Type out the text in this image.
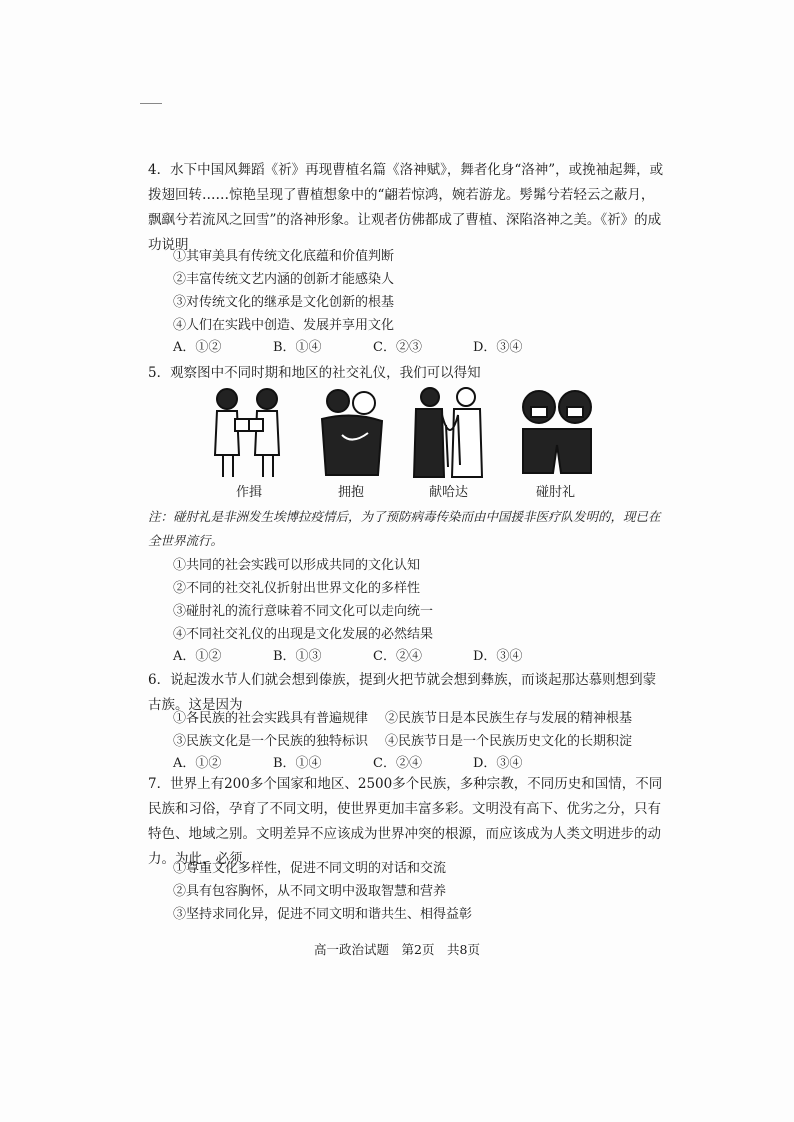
4．水下中国风舞蹈《祈》再现曹植名篇《洛神赋》，舞者化身“洛神”，或挽袖起舞，或拨翅回转……惊艳呈现了曹植想象中的“翩若惊鸿，婉若游龙。髣髴兮若轻云之蔽月，飘飖兮若流风之回雪”的洛神形象。让观者仿佛都成了曹植、深陷洛神之美。《祈》的成功说明

①其审美具有传统文化底蕴和价值判断
②丰富传统文艺内涵的创新才能感染人
③对传统文化的继承是文化创新的根基
④人们在实践中创造、发展并享用文化
A．①②	B．①④	C．②③	D．③④

5．观察图中不同时期和地区的社交礼仪，我们可以得知

作揖	拥抱	献哈达	碰肘礼
注：碰肘礼是非洲发生埃博拉疫情后，为了预防病毒传染而由中国援非医疗队发明的，现已在全世界流行。
①共同的社会实践可以形成共同的文化认知
②不同的社交礼仪折射出世界文化的多样性
③碰肘礼的流行意味着不同文化可以走向统一
④不同社交礼仪的出现是文化发展的必然结果
A．①②	B．①③	C．②④	D．③④

6．说起泼水节人们就会想到傣族，提到火把节就会想到彝族，而谈起那达慕则想到蒙古族。这是因为

①各民族的社会实践具有普遍规律 ②民族节日是本民族生存与发展的精神根基
③民族文化是一个民族的独特标识 ④民族节日是一个民族历史文化的长期积淀
A．①②	B．①④	C．②④	D．③④

7．世界上有200多个国家和地区、2500多个民族，多种宗教，不同历史和国情，不同民族和习俗，孕育了不同文明，使世界更加丰富多彩。文明没有高下、优劣之分，只有特色、地域之别。文明差异不应该成为世界冲突的根源，而应该成为人类文明进步的动力。为此，必须

①尊重文化多样性，促进不同文明的对话和交流
②具有包容胸怀，从不同文明中汲取智慧和营养
③坚持求同化异，促进不同文明和谐共生、相得益彰
高一政治试题　第2页　共8页
